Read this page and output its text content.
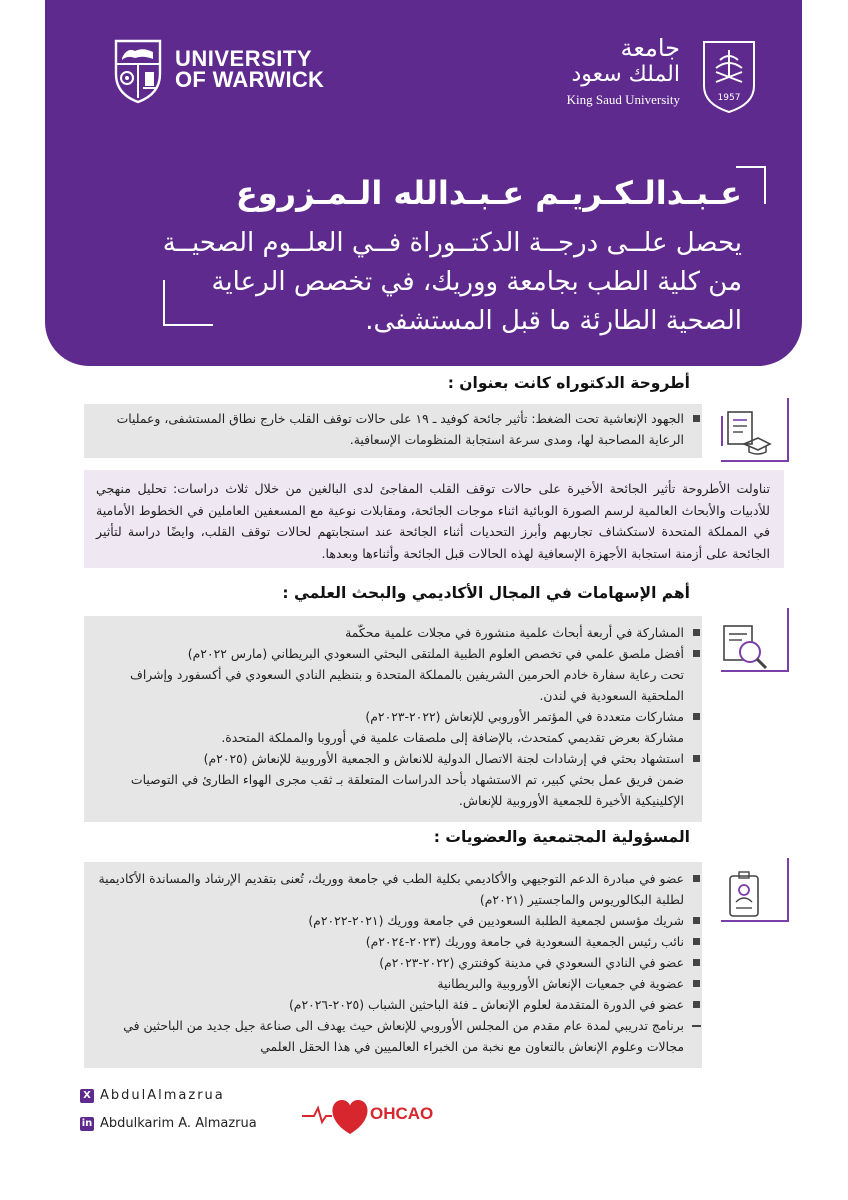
UNIVERSITY
OF WARWICK
جامعة
الملك سعود
King Saud University	1957
عـبـدالـكـريـم عـبـدالله الـمـزروع
يحصل علــى درجــة الدكتــوراة فــي العلــوم الصحيــة من كلية الطب بجامعة ووريك، في تخصص الرعاية الصحية الطارئة ما قبل المستشفى.
أطروحة الدكتوراه كانت بعنوان :
الجهود الإنعاشية تحت الضغط: تأثير جائحة كوفيد ـ ١٩ على حالات توقف القلب خارج نطاق المستشفى، وعمليات الرعاية المصاحبة لها، ومدى سرعة استجابة المنظومات الإسعافية.

تناولت الأطروحة تأثير الجائحة الأخيرة على حالات توقف القلب المفاجئ لدى البالغين من خلال ثلاث دراسات: تحليل منهجي للأدبيات والأبحاث العالمية لرسم الصورة الوبائية اثناء موجات الجائحة، ومقابلات نوعية مع المسعفين العاملين في الخطوط الأمامية في المملكة المتحدة لاستكشاف تجاربهم وأبرز التحديات أثناء الجائحة عند استجابتهم لحالات توقف القلب، وايضًا دراسة لتأثير الجائحة على أزمنة استجابة الأجهزة الإسعافية لهذه الحالات قبل الجائحة وأثناءها وبعدها.

أهم الإسهامات في المجال الأكاديمي والبحث العلمي :
المشاركة في أربعة أبحاث علمية منشورة في مجلات علمية محكّمة
أفضل ملصق علمي في تخصص العلوم الطبية الملتقى البحثي السعودي البريطاني (مارس ٢٠٢٢م)
تحت رعاية سفارة خادم الحرمين الشريفين بالمملكة المتحدة و بتنظيم النادي السعودي في أكسفورد وإشراف الملحقية السعودية في لندن.
مشاركات متعددة في المؤتمر الأوروبي للإنعاش (٢٠٢٢-٢٠٢٣م)
مشاركة بعرض تقديمي كمتحدث، بالإضافة إلى ملصقات علمية في أوروبا والمملكة المتحدة.
استشهاد بحثي في إرشادات لجنة الاتصال الدولية للانعاش و الجمعية الأوروبية للإنعاش (٢٠٢٥م)
ضمن فريق عمل بحثي كبير، تم الاستشهاد بأحد الدراسات المتعلقة بـ ثقب مجرى الهواء الطارئ في التوصيات الإكلينيكية الأخيرة للجمعية الأوروبية للإنعاش.
المسؤولية المجتمعية والعضويات :
عضو في مبادرة الدعم التوجيهي والأكاديمي بكلية الطب في جامعة ووريك، تُعنى بتقديم الإرشاد والمساندة الأكاديمية لطلبة البكالوريوس والماجستير (٢٠٢١م)
شريك مؤسس لجمعية الطلبة السعوديين في جامعة ووريك (٢٠٢١-٢٠٢٢م)
نائب رئيس الجمعية السعودية في جامعة ووريك (٢٠٢٣-٢٠٢٤م)
عضو في النادي السعودي في مدينة كوفنتري (٢٠٢٢-٢٠٢٣م)
عضوية في جمعيات الإنعاش الأوروبية والبريطانية
عضو في الدورة المتقدمة لعلوم الإنعاش ـ فئة الباحثين الشباب (٢٠٢٥-٢٠٢٦م)
برنامج تدريبي لمدة عام مقدم من المجلس الأوروبي للإنعاش حيث يهدف الى صناعة جيل جديد من الباحثين في مجالات وعلوم الإنعاش بالتعاون مع نخبة من الخبراء العالميين في هذا الحقل العلمي
X AbdulAlmazrua
in Abdulkarim A. Almazrua
OHCAO
